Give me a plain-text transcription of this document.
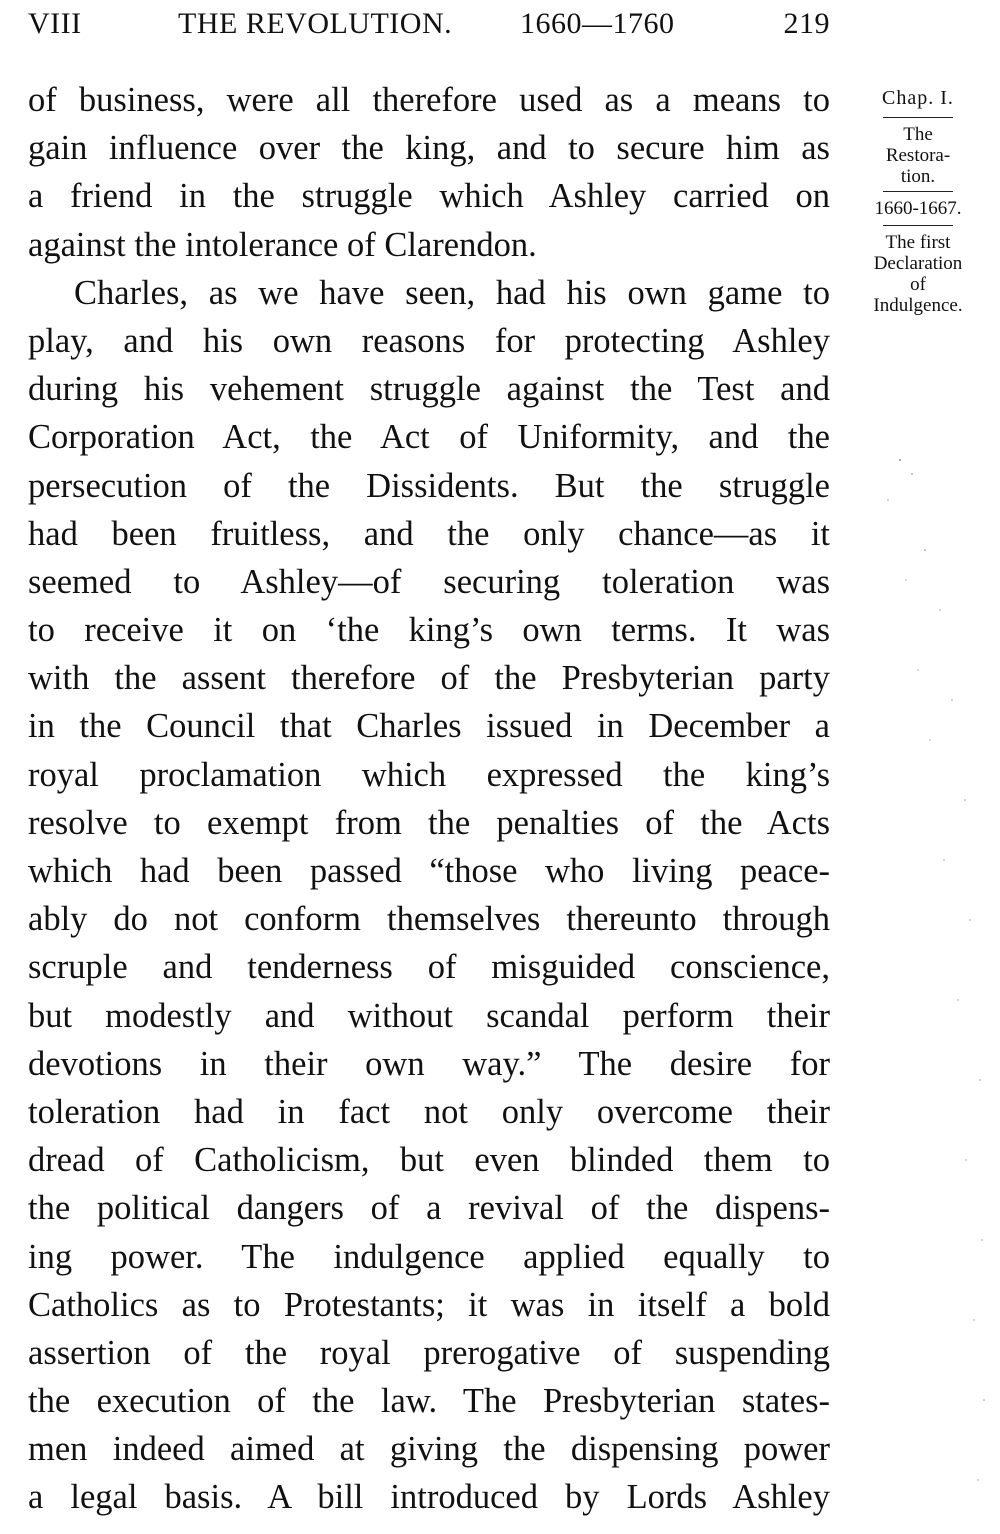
VIII	THE REVOLUTION. 1660—1760	219
of business, were all therefore used as a means to
gain influence over the king, and to secure him as
a friend in the struggle which Ashley carried on
against the intolerance of Clarendon.
Charles, as we have seen, had his own game to
play, and his own reasons for protecting Ashley
during his vehement struggle against the Test and
Corporation Act, the Act of Uniformity, and the
persecution of the Dissidents. But the struggle
had been fruitless, and the only chance—as it
seemed to Ashley—of securing toleration was
to receive it on ‘the king’s own terms. It was
with the assent therefore of the Presbyterian party
in the Council that Charles issued in December a
royal proclamation which expressed the king’s
resolve to exempt from the penalties of the Acts
which had been passed “those who living peace-
ably do not conform themselves thereunto through
scruple and tenderness of misguided conscience,
but modestly and without scandal perform their
devotions in their own way.” The desire for
toleration had in fact not only overcome their
dread of Catholicism, but even blinded them to
the political dangers of a revival of the dispens-
ing power. The indulgence applied equally to
Catholics as to Protestants; it was in itself a bold
assertion of the royal prerogative of suspending
the execution of the law. The Presbyterian states-
men indeed aimed at giving the dispensing power
a legal basis. A bill introduced by Lords Ashley
Chap. I.
The
Restora-
tion.
1660-1667.
The first
Declaration
of
Indulgence.
